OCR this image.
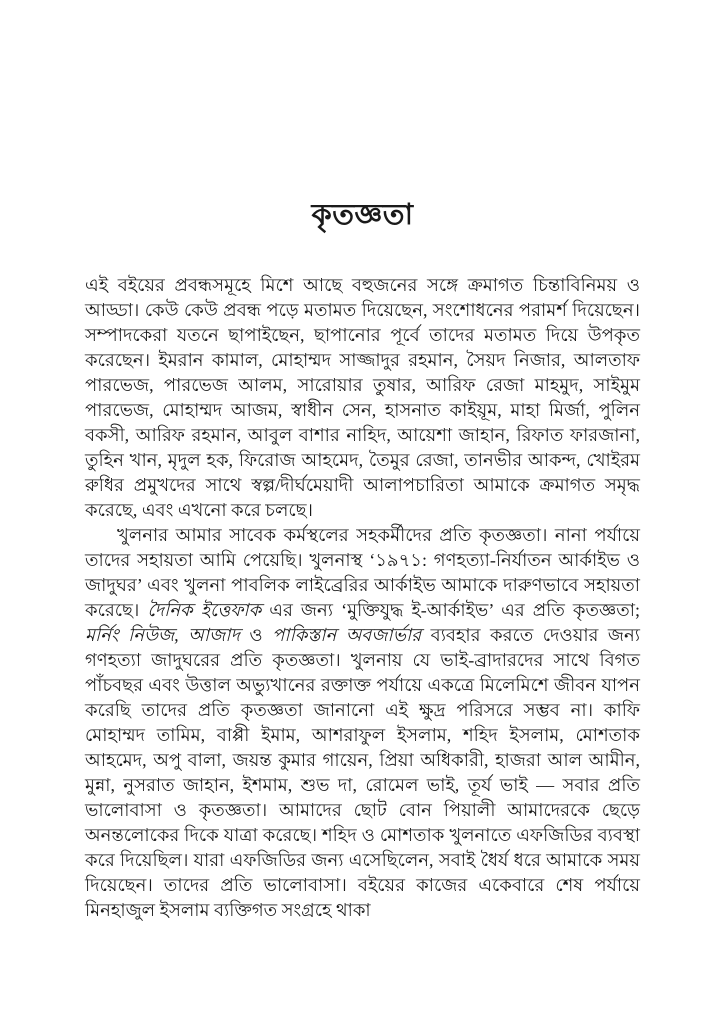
কৃতজ্ঞতা

এই বইয়ের প্রবন্ধসমূহে মিশে আছে বহুজনের সঙ্গে ক্রমাগত চিন্তাবিনিময় ও আড্ডা। কেউ কেউ প্রবন্ধ পড়ে মতামত দিয়েছেন, সংশোধনের পরামর্শ দিয়েছেন। সম্পাদকেরা যতনে ছাপাইছেন, ছাপানোর পূর্বে তাদের মতামত দিয়ে উপকৃত করেছেন। ইমরান কামাল, মোহাম্মদ সাজ্জাদুর রহমান, সৈয়দ নিজার, আলতাফ পারভেজ, পারভেজ আলম, সারোয়ার তুষার, আরিফ রেজা মাহমুদ, সাইমুম পারভেজ, মোহাম্মদ আজম, স্বাধীন সেন, হাসনাত কাইয়ূম, মাহা মির্জা, পুলিন বকসী, আরিফ রহমান, আবুল বাশার নাহিদ, আয়েশা জাহান, রিফাত ফারজানা, তুহিন খান, মৃদুল হক, ফিরোজ আহমেদ, তৈমুর রেজা, তানভীর আকন্দ, খোইরম রুধির প্রমুখদের সাথে স্বল্প/দীর্ঘমেয়াদী আলাপচারিতা আমাকে ক্রমাগত সমৃদ্ধ করেছে, এবং এখনো করে চলছে।

খুলনার আমার সাবেক কর্মস্থলের সহকর্মীদের প্রতি কৃতজ্ঞতা। নানা পর্যায়ে তাদের সহায়তা আমি পেয়েছি। খুলনাস্থ ‘১৯৭১: গণহত্যা-নির্যাতন আর্কাইভ ও জাদুঘর’ এবং খুলনা পাবলিক লাইব্রেরির আর্কাইভ আমাকে দারুণভাবে সহায়তা করেছে। দৈনিক ইত্তেফাক এর জন্য ‘মুক্তিযুদ্ধ ই-আর্কাইভ’ এর প্রতি কৃতজ্ঞতা; মর্নিং নিউজ, আজাদ ও পাকিস্তান অবজার্ভার ব্যবহার করতে দেওয়ার জন্য গণহত্যা জাদুঘরের প্রতি কৃতজ্ঞতা। খুলনায় যে ভাই-ব্রাদারদের সাথে বিগত পাঁচবছর এবং উত্তাল অভ্যুখানের রক্তাক্ত পর্যায়ে একত্রে মিলেমিশে জীবন যাপন করেছি তাদের প্রতি কৃতজ্ঞতা জানানো এই ক্ষুদ্র পরিসরে সম্ভব না। কাফি মোহাম্মদ তামিম, বাপ্পী ইমাম, আশরাফুল ইসলাম, শহিদ ইসলাম, মোশতাক আহমেদ, অপু বালা, জয়ন্ত কুমার গায়েন, প্রিয়া অধিকারী, হাজরা আল আমীন, মুন্না, নুসরাত জাহান, ইশমাম, শুভ দা, রোমেল ভাই, তূর্য ভাই — সবার প্রতি ভালোবাসা ও কৃতজ্ঞতা। আমাদের ছোট বোন পিয়ালী আমাদেরকে ছেড়ে অনন্তলোকের দিকে যাত্রা করেছে। শহিদ ও মোশতাক খুলনাতে এফজিডির ব্যবস্থা করে দিয়েছিল। যারা এফজিডির জন্য এসেছিলেন, সবাই ধৈর্য ধরে আমাকে সময় দিয়েছেন। তাদের প্রতি ভালোবাসা। বইয়ের কাজের একেবারে শেষ পর্যায়ে মিনহাজুল ইসলাম ব্যক্তিগত সংগ্রহে থাকা
